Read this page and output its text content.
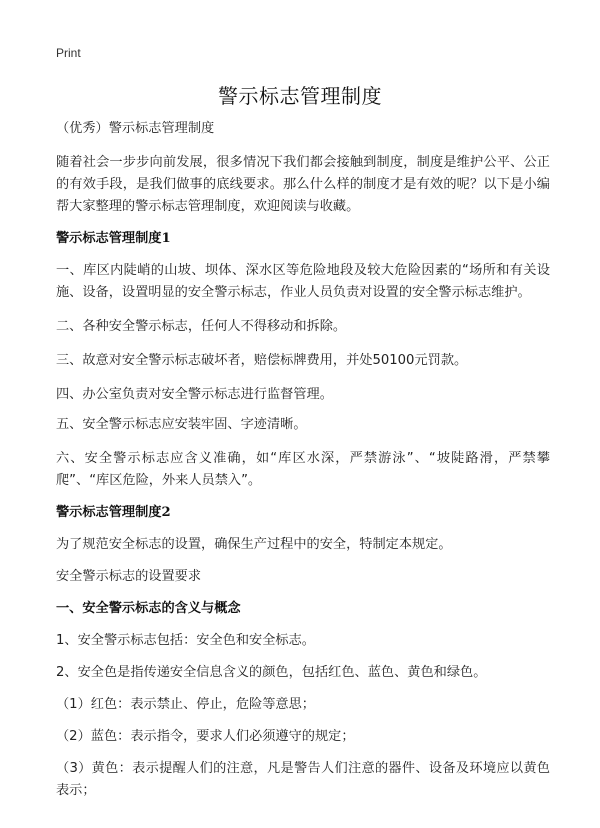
Print
警示标志管理制度

（优秀）警示标志管理制度

随着社会一步步向前发展，很多情况下我们都会接触到制度，制度是维护公平、公正的有效手段，是我们做事的底线要求。那么什么样的制度才是有效的呢？以下是小编帮大家整理的警示标志管理制度，欢迎阅读与收藏。

警示标志管理制度1

一、库区内陡峭的山坡、坝体、深水区等危险地段及较大危险因素的“场所和有关设施、设备，设置明显的安全警示标志，作业人员负责对设置的安全警示标志维护。

二、各种安全警示标志，任何人不得移动和拆除。

三、故意对安全警示标志破坏者，赔偿标牌费用，并处50100元罚款。

四、办公室负责对安全警示标志进行监督管理。

五、安全警示标志应安装牢固、字迹清晰。

六、安全警示标志应含义准确，如“库区水深，严禁游泳”、“坡陡路滑，严禁攀爬”、“库区危险，外来人员禁入”。

警示标志管理制度2

为了规范安全标志的设置，确保生产过程中的安全，特制定本规定。

安全警示标志的设置要求

一、安全警示标志的含义与概念

1、安全警示标志包括：安全色和安全标志。

2、安全色是指传递安全信息含义的颜色，包括红色、蓝色、黄色和绿色。

（1）红色：表示禁止、停止，危险等意思；

（2）蓝色：表示指令，要求人们必须遵守的规定；

（3）黄色：表示提醒人们的注意，凡是警告人们注意的器件、设备及环境应以黄色表示；
